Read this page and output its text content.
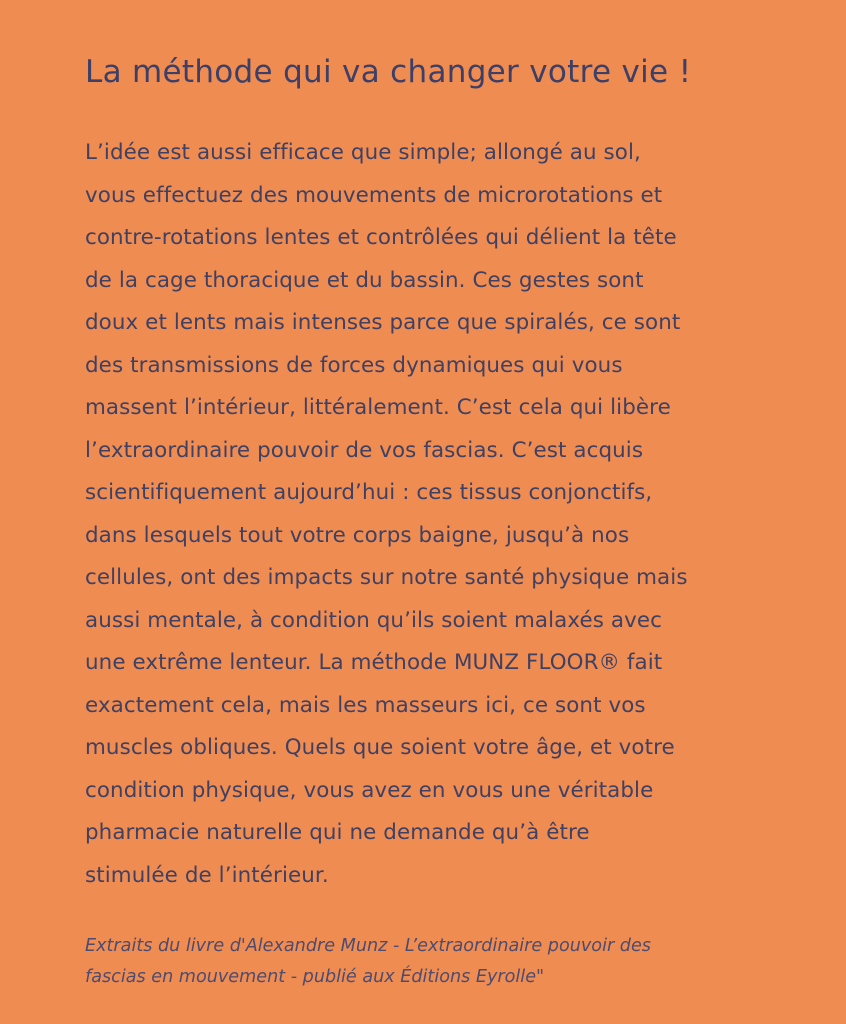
La méthode qui va changer votre vie !
L’idée est aussi efficace que simple; allongé au sol,
vous effectuez des mouvements de microrotations et
contre-rotations lentes et contrôlées qui délient la tête
de la cage thoracique et du bassin. Ces gestes sont
doux et lents mais intenses parce que spiralés, ce sont
des transmissions de forces dynamiques qui vous
massent l’intérieur, littéralement. C’est cela qui libère
l’extraordinaire pouvoir de vos fascias. C’est acquis
scientifiquement aujourd’hui : ces tissus conjonctifs,
dans lesquels tout votre corps baigne, jusqu’à nos
cellules, ont des impacts sur notre santé physique mais
aussi mentale, à condition qu’ils soient malaxés avec
une extrême lenteur. La méthode MUNZ FLOOR® fait
exactement cela, mais les masseurs ici, ce sont vos
muscles obliques. Quels que soient votre âge, et votre
condition physique, vous avez en vous une véritable
pharmacie naturelle qui ne demande qu’à être
stimulée de l’intérieur.

Extraits du livre d'Alexandre Munz - L’extraordinaire pouvoir des
fascias en mouvement - publié aux Éditions Eyrolle"
